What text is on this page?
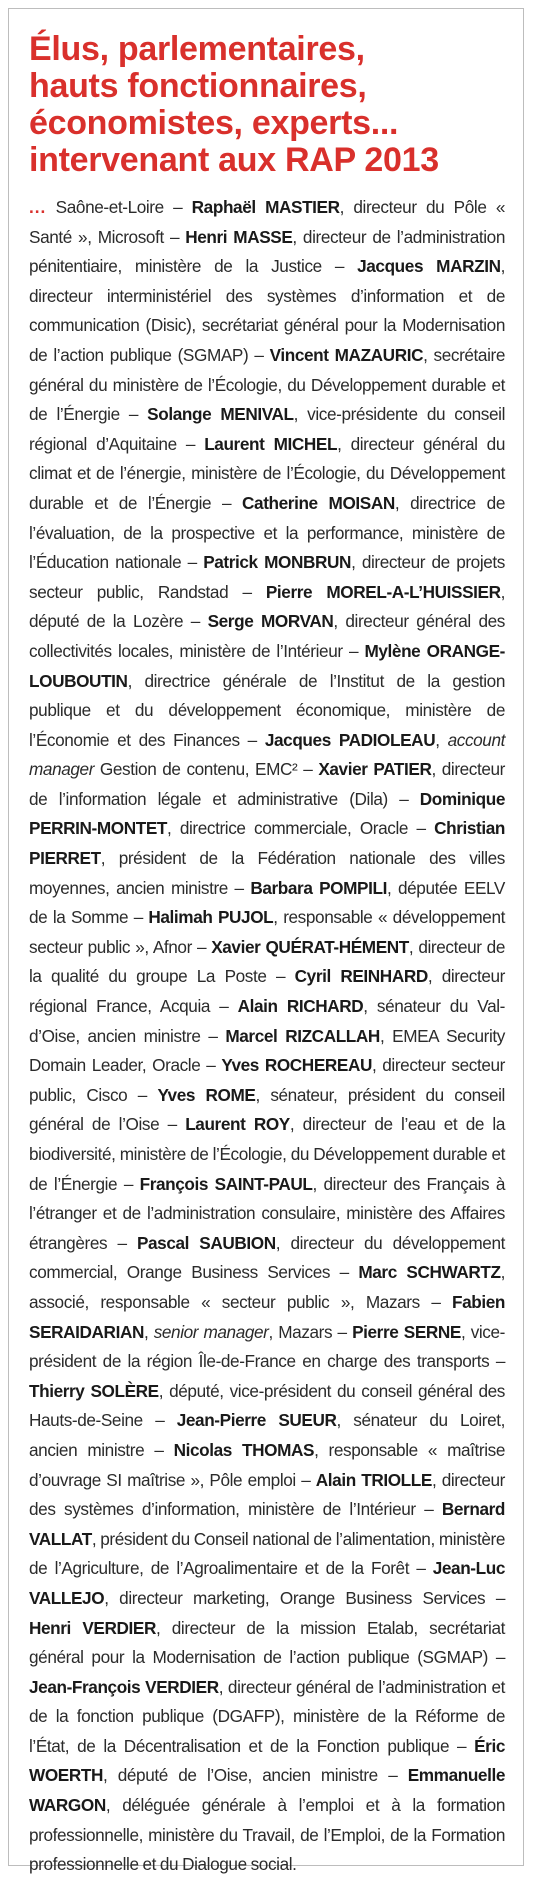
Élus, parlementaires,
hauts fonctionnaires,
économistes, experts...
intervenant aux RAP 2013

... Saône-et-Loire – Raphaël MASTIER, directeur du Pôle « Santé », Microsoft – Henri MASSE, directeur de l’administration pénitentiaire, ministère de la Justice – Jacques MARZIN, directeur interministériel des systèmes d’information et de communication (Disic), secrétariat général pour la Modernisation de l’action publique (SGMAP) – Vincent MAZAURIC, secrétaire général du ministère de l’Écologie, du Développement durable et de l’Énergie – Solange MENIVAL, vice-présidente du conseil régional d’Aquitaine – Laurent MICHEL, directeur général du climat et de l’énergie, ministère de l’Écologie, du Développement durable et de l’Énergie – Catherine MOISAN, directrice de l’évaluation, de la prospective et la performance, ministère de l’Éducation nationale – Patrick MONBRUN, directeur de projets secteur public, Randstad – Pierre MOREL-A-L’HUISSIER, député de la Lozère – Serge MORVAN, directeur général des collectivités locales, ministère de l’Intérieur – Mylène ORANGE-LOUBOUTIN, directrice générale de l’Institut de la gestion publique et du développement économique, ministère de l’Économie et des Finances – Jacques PADIOLEAU, account manager Gestion de contenu, EMC² – Xavier PATIER, directeur de l’information légale et administrative (Dila) – Dominique PERRIN-MONTET, directrice commerciale, Oracle – Christian PIERRET, président de la Fédération nationale des villes moyennes, ancien ministre – Barbara POMPILI, députée EELV de la Somme – Halimah PUJOL, responsable « développement secteur public », Afnor – Xavier QUÉRAT-HÉMENT, directeur de la qualité du groupe La Poste – Cyril REINHARD, directeur régional France, Acquia – Alain RICHARD, sénateur du Val-d’Oise, ancien ministre – Marcel RIZCALLAH, EMEA Security Domain Leader, Oracle – Yves ROCHEREAU, directeur secteur public, Cisco – Yves ROME, sénateur, président du conseil général de l’Oise – Laurent ROY, directeur de l’eau et de la biodiversité, ministère de l’Écologie, du Développement durable et de l’Énergie – François SAINT-PAUL, directeur des Français à l’étranger et de l’administration consulaire, ministère des Affaires étrangères – Pascal SAUBION, directeur du développement commercial, Orange Business Services – Marc SCHWARTZ, associé, responsable « secteur public », Mazars – Fabien SERAIDARIAN, senior manager, Mazars – Pierre SERNE, vice-président de la région Île-de-France en charge des transports – Thierry SOLÈRE, député, vice-président du conseil général des Hauts-de-Seine – Jean-Pierre SUEUR, sénateur du Loiret, ancien ministre – Nicolas THOMAS, responsable « maîtrise d’ouvrage SI maîtrise », Pôle emploi – Alain TRIOLLE, directeur des systèmes d’information, ministère de l’Intérieur – Bernard VALLAT, président du Conseil national de l’alimentation, ministère de l’Agriculture, de l’Agroalimentaire et de la Forêt – Jean-Luc VALLEJO, directeur marketing, Orange Business Services – Henri VERDIER, directeur de la mission Etalab, secrétariat général pour la Modernisation de l’action publique (SGMAP) – Jean-François VERDIER, directeur général de l’administration et de la fonction publique (DGAFP), ministère de la Réforme de l’État, de la Décentralisation et de la Fonction publique – Éric WOERTH, député de l’Oise, ancien ministre – Emmanuelle WARGON, déléguée générale à l’emploi et à la formation professionnelle, ministère du Travail, de l’Emploi, de la Formation professionnelle et du Dialogue social.
